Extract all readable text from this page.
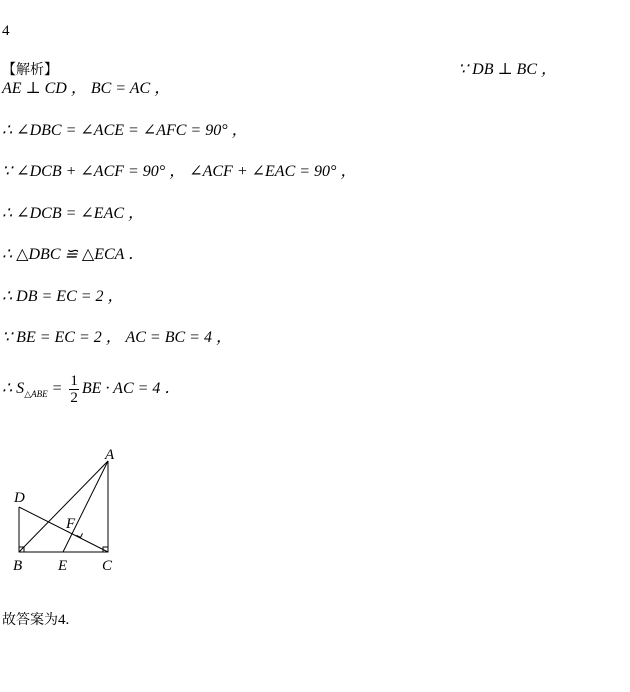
4
【解析】	∵ DB ⊥ BC ，
AE ⊥ CD ， BC = AC ，
∴ ∠DBC = ∠ACE = ∠AFC = 90° ，
∵ ∠DCB + ∠ACF = 90° ， ∠ACF + ∠EAC = 90° ，
∴ ∠DCB = ∠EAC ，
∴ △DBC ≌ △ECA ．
∴ DB = EC = 2 ，
∵ BE = EC = 2 ， AC = BC = 4 ，
∴ $S_{\triangle ABE} = \frac{1}{2}$ BE · AC = 4 ．
A
D
F
B E C
故答案为4.
